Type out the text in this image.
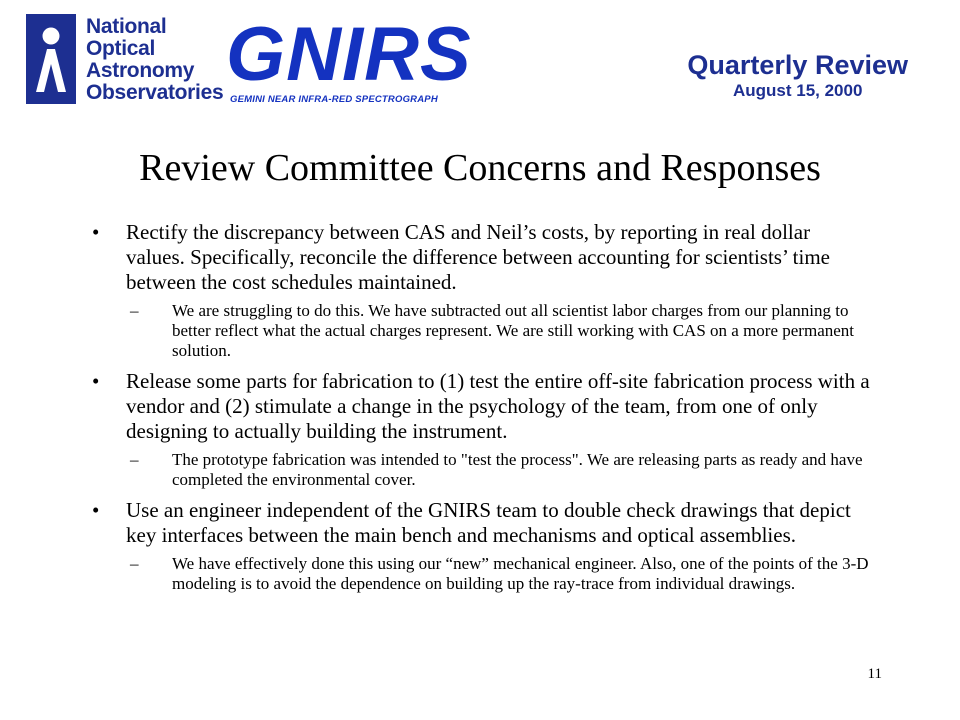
National
Optical
Astronomy
Observatories GNIRS
GEMINI NEAR INFRA-RED SPECTROGRAPH
Quarterly Review
August 15, 2000
Review Committee Concerns and Responses
• Rectify the discrepancy between CAS and Neil’s costs, by reporting in real dollar values. Specifically, reconcile the difference between accounting for scientists’ time between the cost schedules maintained.
– We are struggling to do this. We have subtracted out all scientist labor charges from our planning to better reflect what the actual charges represent. We are still working with CAS on a more permanent solution.
• Release some parts for fabrication to (1) test the entire off-site fabrication process with a vendor and (2) stimulate a change in the psychology of the team, from one of only designing to actually building the instrument.
– The prototype fabrication was intended to "test the process". We are releasing parts as ready and have completed the environmental cover.
• Use an engineer independent of the GNIRS team to double check drawings that depict key interfaces between the main bench and mechanisms and optical assemblies.
– We have effectively done this using our “new” mechanical engineer. Also, one of the points of the 3-D modeling is to avoid the dependence on building up the ray-trace from individual drawings.
11
